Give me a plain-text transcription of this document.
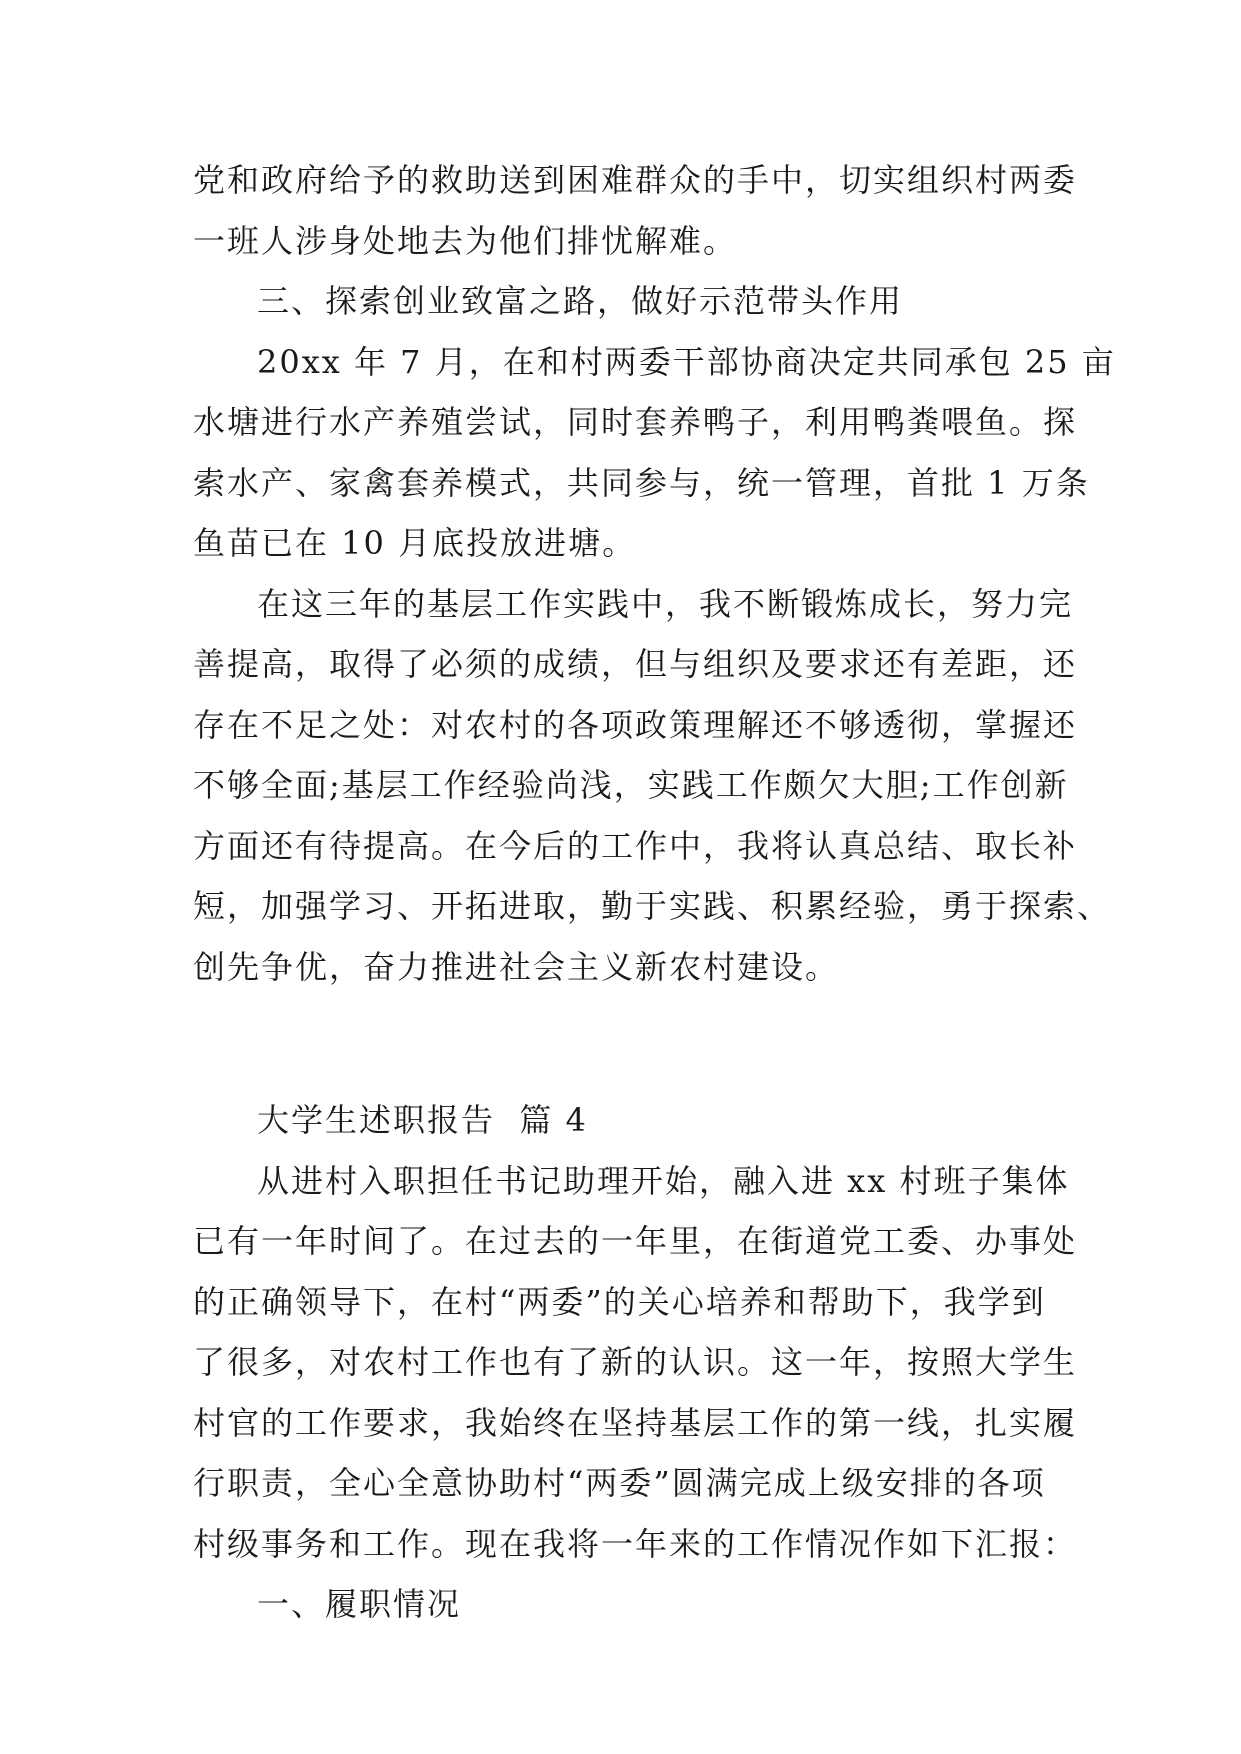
党和政府给予的救助送到困难群众的手中，切实组织村两委
一班人涉身处地去为他们排忧解难。
三、探索创业致富之路，做好示范带头作用
20xx 年 7 月，在和村两委干部协商决定共同承包 25 亩
水塘进行水产养殖尝试，同时套养鸭子，利用鸭粪喂鱼。探
索水产、家禽套养模式，共同参与，统一管理，首批 1 万条
鱼苗已在 10 月底投放进塘。
在这三年的基层工作实践中，我不断锻炼成长，努力完
善提高，取得了必须的成绩，但与组织及要求还有差距，还
存在不足之处：对农村的各项政策理解还不够透彻，掌握还
不够全面;基层工作经验尚浅，实践工作颇欠大胆;工作创新
方面还有待提高。在今后的工作中，我将认真总结、取长补
短，加强学习、开拓进取，勤于实践、积累经验，勇于探索、
创先争优，奋力推进社会主义新农村建设。
大学生述职报告  篇 4
从进村入职担任书记助理开始，融入进 xx 村班子集体
已有一年时间了。在过去的一年里，在街道党工委、办事处
的正确领导下，在村“两委”的关心培养和帮助下，我学到
了很多，对农村工作也有了新的认识。这一年，按照大学生
村官的工作要求，我始终在坚持基层工作的第一线，扎实履
行职责，全心全意协助村“两委”圆满完成上级安排的各项
村级事务和工作。现在我将一年来的工作情况作如下汇报：
一、履职情况
